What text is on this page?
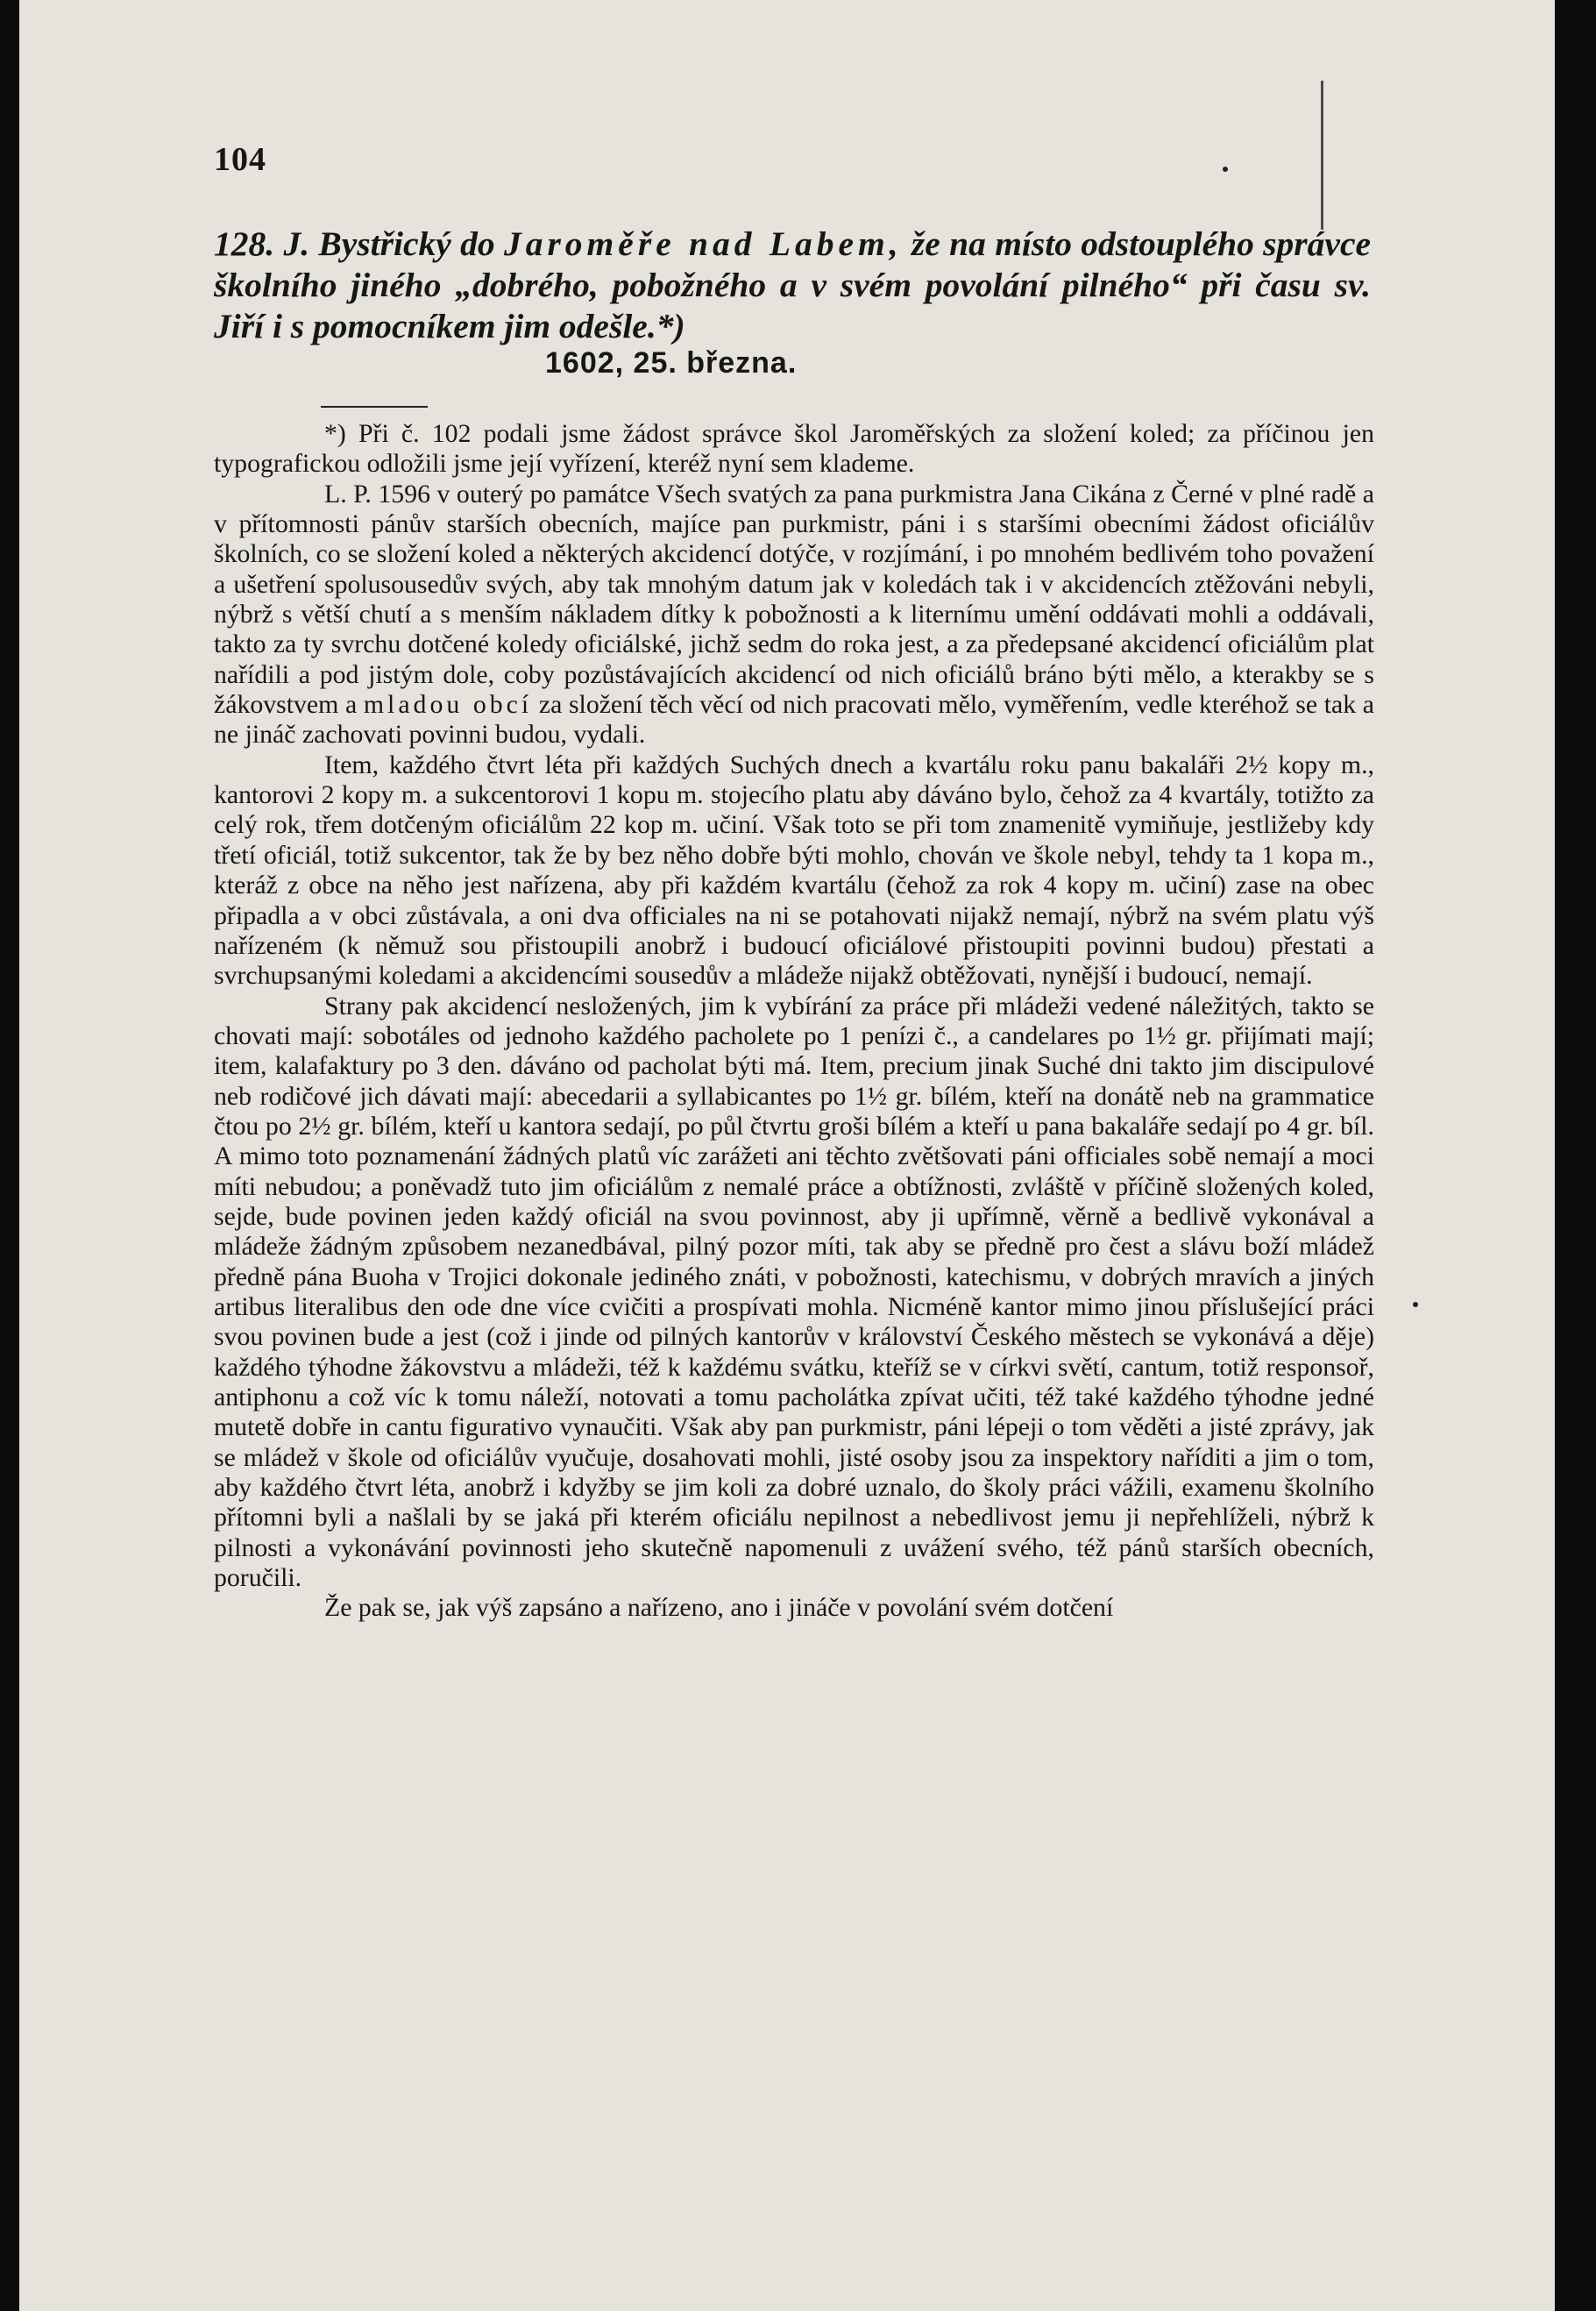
104
128. J. Bystřický do Jaroměře nad Labem, že na místo odstouplého správce školního jiného „dobrého, pobožného a v svém povolání pilného“ při času sv. Jiří i s pomocníkem jim odešle.*)
1602, 25. března.

*) Při č. 102 podali jsme žádost správce škol Jaroměřských za složení koled; za příčinou jen typografickou odložili jsme její vyřízení, kteréž nyní sem klademe.

L. P. 1596 v outerý po památce Všech svatých za pana purkmistra Jana Cikána z Černé v plné radě a v přítomnosti pánův starších obecních, majíce pan purkmistr, páni i s staršími obecními žádost oficiálův školních, co se složení koled a některých akcidencí dotýče, v rozjímání, i po mnohém bedlivém toho považení a ušetření spolusousedův svých, aby tak mnohým datum jak v koledách tak i v akcidencích ztěžováni nebyli, nýbrž s větší chutí a s menším nákladem dítky k pobožnosti a k liternímu umění oddávati mohli a oddávali, takto za ty svrchu dotčené koledy oficiálské, jichž sedm do roka jest, a za předepsané akcidencí oficiálům plat nařídili a pod jistým dole, coby pozůstávajících akcidencí od nich oficiálů bráno býti mělo, a kterakby se s žákovstvem a mladou obcí za složení těch věcí od nich pracovati mělo, vyměřením, vedle kteréhož se tak a ne jináč zachovati povinni budou, vydali.

Item, každého čtvrt léta při každých Suchých dnech a kvartálu roku panu bakaláři 2½ kopy m., kantorovi 2 kopy m. a sukcentorovi 1 kopu m. stojecího platu aby dáváno bylo, čehož za 4 kvartály, totižto za celý rok, třem dotčeným oficiálům 22 kop m. učiní. Však toto se při tom znamenitě vymiňuje, jestližeby kdy třetí oficiál, totiž sukcentor, tak že by bez něho dobře býti mohlo, chován ve škole nebyl, tehdy ta 1 kopa m., kteráž z obce na něho jest nařízena, aby při každém kvartálu (čehož za rok 4 kopy m. učiní) zase na obec připadla a v obci zůstávala, a oni dva officiales na ni se potahovati nijakž nemají, nýbrž na svém platu výš nařízeném (k němuž sou přistoupili anobrž i budoucí oficiálové přistoupiti povinni budou) přestati a svrchupsanými koledami a akcidencími sousedův a mládeže nijakž obtěžovati, nynější i budoucí, nemají.

Strany pak akcidencí nesložených, jim k vybírání za práce při mládeži vedené náležitých, takto se chovati mají: sobotáles od jednoho každého pacholete po 1 penízi č., a candelares po 1½ gr. přijímati mají; item, kalafaktury po 3 den. dáváno od pacholat býti má. Item, precium jinak Suché dni takto jim discipulové neb rodičové jich dávati mají: abecedarii a syllabicantes po 1½ gr. bílém, kteří na donátě neb na grammatice čtou po 2½ gr. bílém, kteří u kantora sedají, po půl čtvrtu groši bílém a kteří u pana bakaláře sedají po 4 gr. bíl. A mimo toto poznamenání žádných platů víc zarážeti ani těchto zvětšovati páni officiales sobě nemají a moci míti nebudou; a poněvadž tuto jim oficiálům z nemalé práce a obtížnosti, zvláště v příčině složených koled, sejde, bude povinen jeden každý oficiál na svou povinnost, aby ji upřímně, věrně a bedlivě vykonával a mládeže žádným způsobem nezanedbával, pilný pozor míti, tak aby se předně pro čest a slávu boží mládež předně pána Buoha v Trojici dokonale jediného znáti, v pobožnosti, katechismu, v dobrých mravích a jiných artibus literalibus den ode dne více cvičiti a prospívati mohla. Nicméně kantor mimo jinou příslušející práci svou povinen bude a jest (což i jinde od pilných kantorův v království Českého městech se vykonává a děje) každého týhodne žákovstvu a mládeži, též k každému svátku, kteříž se v církvi světí, cantum, totiž responsoř, antiphonu a což víc k tomu náleží, notovati a tomu pacholátka zpívat učiti, též také každého týhodne jedné mutetě dobře in cantu figurativo vynaučiti. Však aby pan purkmistr, páni lépeji o tom věděti a jisté zprávy, jak se mládež v škole od oficiálův vyučuje, dosahovati mohli, jisté osoby jsou za inspektory naříditi a jim o tom, aby každého čtvrt léta, anobrž i kdyžby se jim koli za dobré uznalo, do školy práci vážili, examenu školního přítomni byli a našlali by se jaká při kterém oficiálu nepilnost a nebedlivost jemu ji nepřehlíželi, nýbrž k pilnosti a vykonávání povinnosti jeho skutečně napomenuli z uvážení svého, též pánů starších obecních, poručili.

Že pak se, jak výš zapsáno a nařízeno, ano i jináče v povolání svém dotčení
